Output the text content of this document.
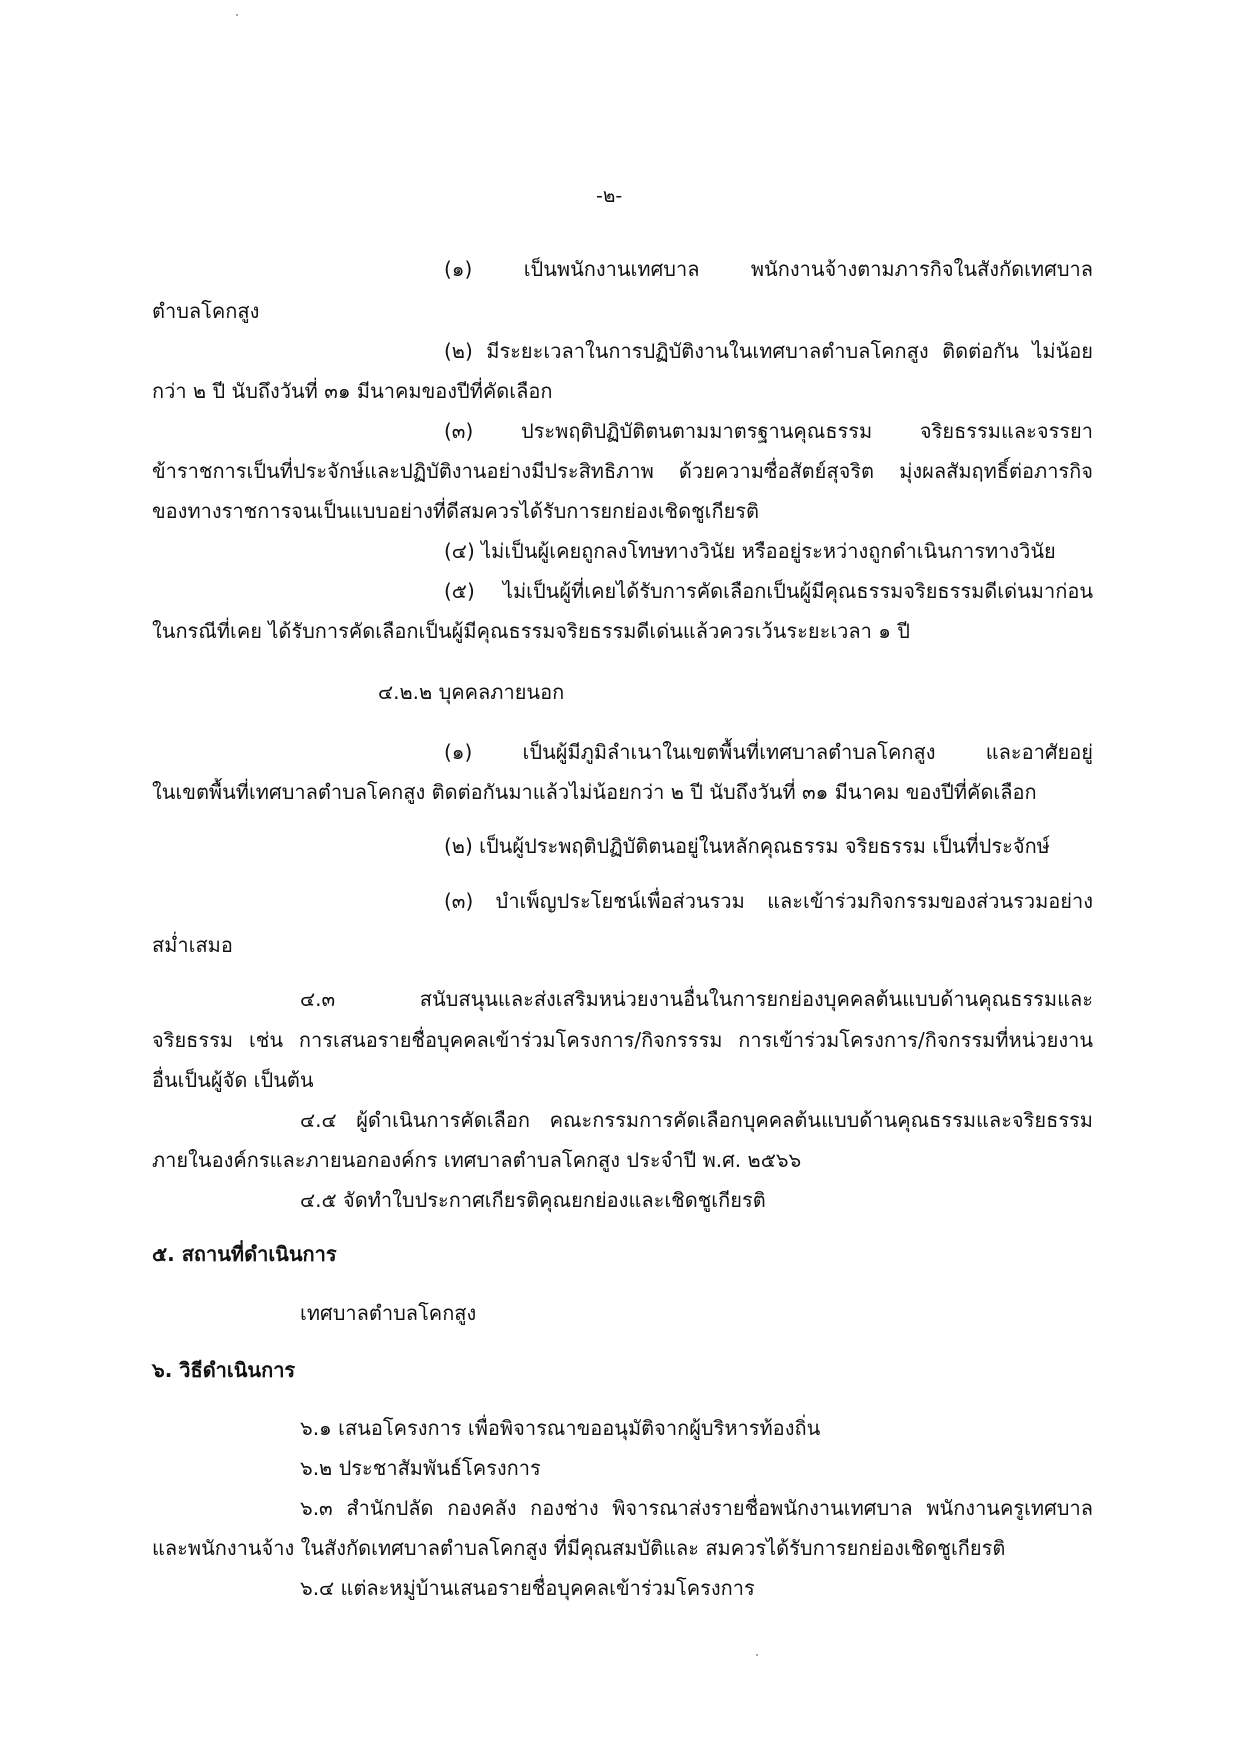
-๒-
(๑) เป็นพนักงานเทศบาล พนักงานจ้างตามภารกิจในสังกัดเทศบาล
ตำบลโคกสูง
(๒) มีระยะเวลาในการปฏิบัติงานในเทศบาลตำบลโคกสูง ติดต่อกัน ไม่น้อย
กว่า ๒ ปี นับถึงวันที่ ๓๑ มีนาคมของปีที่คัดเลือก
(๓) ประพฤติปฏิบัติตนตามมาตรฐานคุณธรรม จริยธรรมและจรรยา
ข้าราชการเป็นที่ประจักษ์และปฏิบัติงานอย่างมีประสิทธิภาพ ด้วยความซื่อสัตย์สุจริต มุ่งผลสัมฤทธิ์ต่อภารกิจ
ของทางราชการจนเป็นแบบอย่างที่ดีสมควรได้รับการยกย่องเชิดชูเกียรติ
(๔) ไม่เป็นผู้เคยถูกลงโทษทางวินัย หรืออยู่ระหว่างถูกดำเนินการทางวินัย
(๕) ไม่เป็นผู้ที่เคยได้รับการคัดเลือกเป็นผู้มีคุณธรรมจริยธรรมดีเด่นมาก่อน
ในกรณีที่เคย ได้รับการคัดเลือกเป็นผู้มีคุณธรรมจริยธรรมดีเด่นแล้วควรเว้นระยะเวลา ๑ ปี
๔.๒.๒ บุคคลภายนอก
(๑) เป็นผู้มีภูมิลำเนาในเขตพื้นที่เทศบาลตำบลโคกสูง และอาศัยอยู่
ในเขตพื้นที่เทศบาลตำบลโคกสูง ติดต่อกันมาแล้วไม่น้อยกว่า ๒ ปี นับถึงวันที่ ๓๑ มีนาคม ของปีที่คัดเลือก
(๒) เป็นผู้ประพฤติปฏิบัติตนอยู่ในหลักคุณธรรม จริยธรรม เป็นที่ประจักษ์
(๓) บำเพ็ญประโยชน์เพื่อส่วนรวม และเข้าร่วมกิจกรรมของส่วนรวมอย่าง
สม่ำเสมอ
๔.๓ สนับสนุนและส่งเสริมหน่วยงานอื่นในการยกย่องบุคคลต้นแบบด้านคุณธรรมและ
จริยธรรม เช่น การเสนอรายชื่อบุคคลเข้าร่วมโครงการ/กิจกรรรม การเข้าร่วมโครงการ/กิจกรรมที่หน่วยงาน
อื่นเป็นผู้จัด เป็นต้น
๔.๔ ผู้ดำเนินการคัดเลือก คณะกรรมการคัดเลือกบุคคลต้นแบบด้านคุณธรรมและจริยธรรม
ภายในองค์กรและภายนอกองค์กร เทศบาลตำบลโคกสูง ประจำปี พ.ศ. ๒๕๖๖
๔.๕ จัดทำใบประกาศเกียรติคุณยกย่องและเชิดชูเกียรติ
๕. สถานที่ดำเนินการ
เทศบาลตำบลโคกสูง
๖. วิธีดำเนินการ
๖.๑ เสนอโครงการ เพื่อพิจารณาขออนุมัติจากผู้บริหารท้องถิ่น
๖.๒ ประชาสัมพันธ์โครงการ
๖.๓ สำนักปลัด กองคลัง กองช่าง พิจารณาส่งรายชื่อพนักงานเทศบาล พนักงานครูเทศบาล
และพนักงานจ้าง ในสังกัดเทศบาลตำบลโคกสูง ที่มีคุณสมบัติและ สมควรได้รับการยกย่องเชิดชูเกียรติ
๖.๔ แต่ละหมู่บ้านเสนอรายชื่อบุคคลเข้าร่วมโครงการ
